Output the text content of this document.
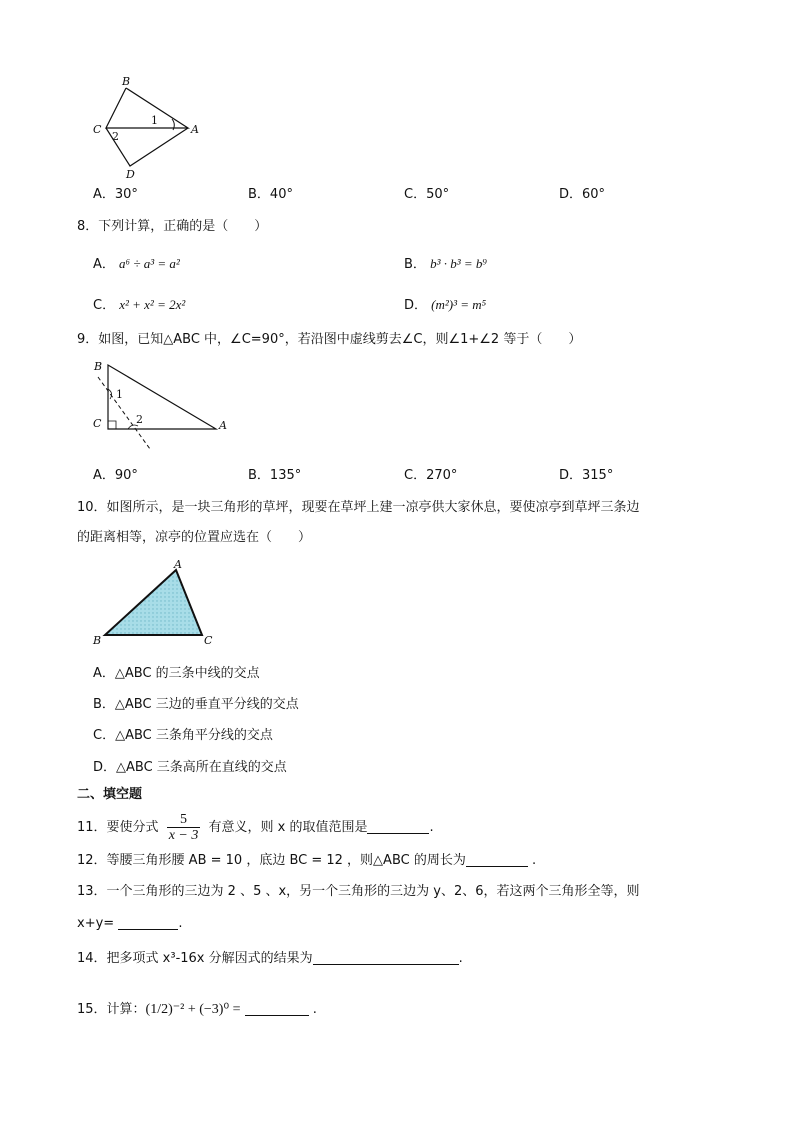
B
C
2
1
A
D
A．30°	B．40°	C．50°	D．60°
8．下列计算，正确的是（　　）
A． a⁶ ÷ a³ = a²	B． b³ · b³ = b⁹
C． x² + x² = 2x²	D． (m²)³ = m⁵
9．如图，已知△ABC 中，∠C=90°，若沿图中虚线剪去∠C，则∠1+∠2 等于（　　）
B
1
C	2	A
A．90°	B．135°	C．270°	D．315°
10．如图所示，是一块三角形的草坪，现要在草坪上建一凉亭供大家休息，要使凉亭到草坪三条边
的距离相等，凉亭的位置应选在（　　）
A
B	C
A．△ABC 的三条中线的交点
B．△ABC 三边的垂直平分线的交点
C．△ABC 三条角平分线的交点
D．△ABC 三条高所在直线的交点
二、填空题
11．要使分式 $\frac{5}{x - 3}$ 有意义，则 x 的取值范围是	.
12．等腰三角形腰 AB = 10 ，底边 BC = 12 ，则△ABC 的周长为	.
13．一个三角形的三边为 2 、5 、x，另一个三角形的三边为 y、2、6，若这两个三角形全等，则
x+y=	.
14．把多项式 x³-16x 分解因式的结果为	.
15．计算：(1/2)⁻² + (−3)⁰ =	.
